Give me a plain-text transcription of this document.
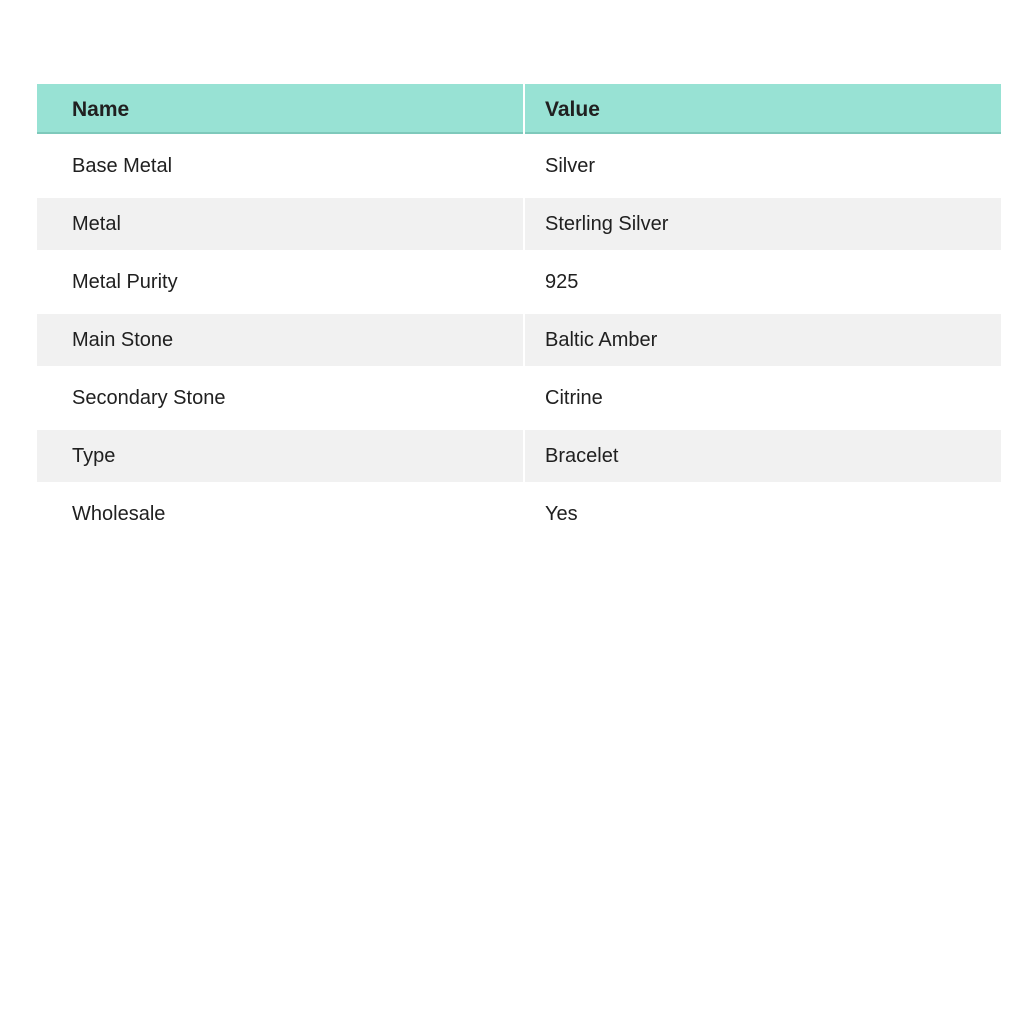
Name	Value
Base Metal	Silver
Metal	Sterling Silver
Metal Purity	925
Main Stone	Baltic Amber
Secondary Stone	Citrine
Type	Bracelet
Wholesale	Yes
